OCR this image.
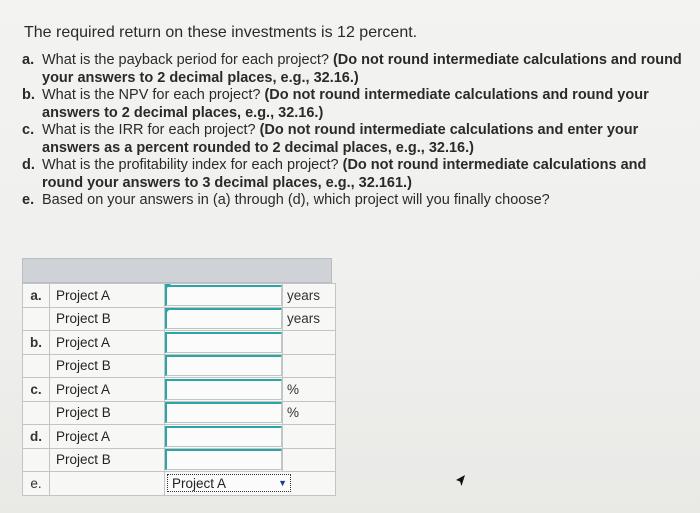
The required return on these investments is 12 percent.
a. What is the payback period for each project? (Do not round intermediate calculations and round your answers to 2 decimal places, e.g., 32.16.)
b. What is the NPV for each project? (Do not round intermediate calculations and round your answers to 2 decimal places, e.g., 32.16.)
c. What is the IRR for each project? (Do not round intermediate calculations and enter your answers as a percent rounded to 2 decimal places, e.g., 32.16.)
d. What is the profitability index for each project? (Do not round intermediate calculations and round your answers to 3 decimal places, e.g., 32.161.)
e. Based on your answers in (a) through (d), which project will you finally choose?
a.	Project A		years
	Project B		years
b.	Project A	

	Project B	

c.	Project A		%
	Project B		%
d.	Project A	

	Project B	

e.		Project A ▼	
